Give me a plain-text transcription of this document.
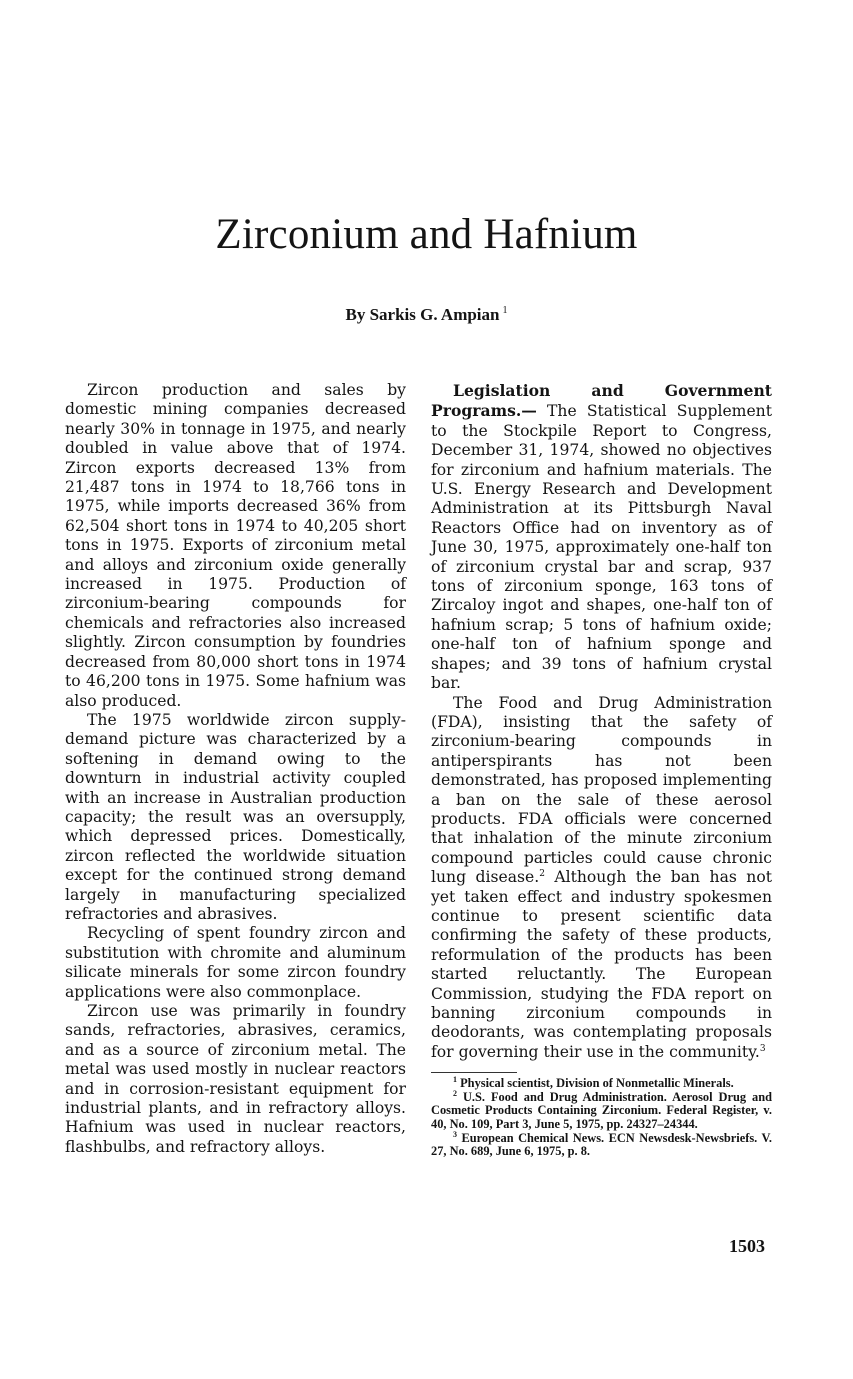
Zirconium and Hafnium
By Sarkis G. Ampian $^1$

Zircon production and sales by domestic mining companies decreased nearly 30% in tonnage in 1975, and nearly doubled in value above that of 1974. Zircon exports decreased 13% from 21,487 tons in 1974 to 18,766 tons in 1975, while imports decreased 36% from 62,504 short tons in 1974 to 40,205 short tons in 1975. Exports of zirconium metal and alloys and zirconium oxide generally increased in 1975. Production of zirconium-bearing compounds for chemicals and refractories also increased slightly. Zircon consumption by foundries decreased from 80,000 short tons in 1974 to 46,200 tons in 1975. Some hafnium was also produced.

The 1975 worldwide zircon supply-demand picture was characterized by a softening in demand owing to the downturn in industrial activity coupled with an increase in Australian production capacity; the result was an oversupply, which depressed prices. Domestically, zircon reflected the worldwide situation except for the continued strong demand largely in manufacturing specialized refractories and abrasives.

Recycling of spent foundry zircon and substitution with chromite and aluminum silicate minerals for some zircon foundry applications were also commonplace.

Zircon use was primarily in foundry sands, refractories, abrasives, ceramics, and as a source of zirconium metal. The metal was used mostly in nuclear reactors and in corrosion-resistant equipment for industrial plants, and in refractory alloys. Hafnium was used in nuclear reactors, flashbulbs, and refractory alloys.

Legislation and Government Programs.— The Statistical Supplement to the Stockpile Report to Congress, December 31, 1974, showed no objectives for zirconium and hafnium materials. The U.S. Energy Research and Development Administration at its Pittsburgh Naval Reactors Office had on inventory as of June 30, 1975, approximately one-half ton of zirconium crystal bar and scrap, 937 tons of zirconium sponge, 163 tons of Zircaloy ingot and shapes, one-half ton of hafnium scrap; 5 tons of hafnium oxide; one-half ton of hafnium sponge and shapes; and 39 tons of hafnium crystal bar.

The Food and Drug Administration (FDA), insisting that the safety of zirconium-bearing compounds in antiperspirants has not been demonstrated, has proposed implementing a ban on the sale of these aerosol products. FDA officials were concerned that inhalation of the minute zirconium compound particles could cause chronic lung disease.$^2$ Although the ban has not yet taken effect and industry spokesmen continue to present scientific data confirming the safety of these products, reformulation of the products has been started reluctantly. The European Commission, studying the FDA report on banning zirconium compounds in deodorants, was contemplating proposals for governing their use in the community.$^3$

$^1$ Physical scientist, Division of Nonmetallic Minerals.

$^2$ U.S. Food and Drug Administration. Aerosol Drug and Cosmetic Products Containing Zirconium. Federal Register, v. 40, No. 109, Part 3, June 5, 1975, pp. 24327–24344.

$^3$ European Chemical News. ECN Newsdesk-Newsbriefs. V. 27, No. 689, June 6, 1975, p. 8.

1503
